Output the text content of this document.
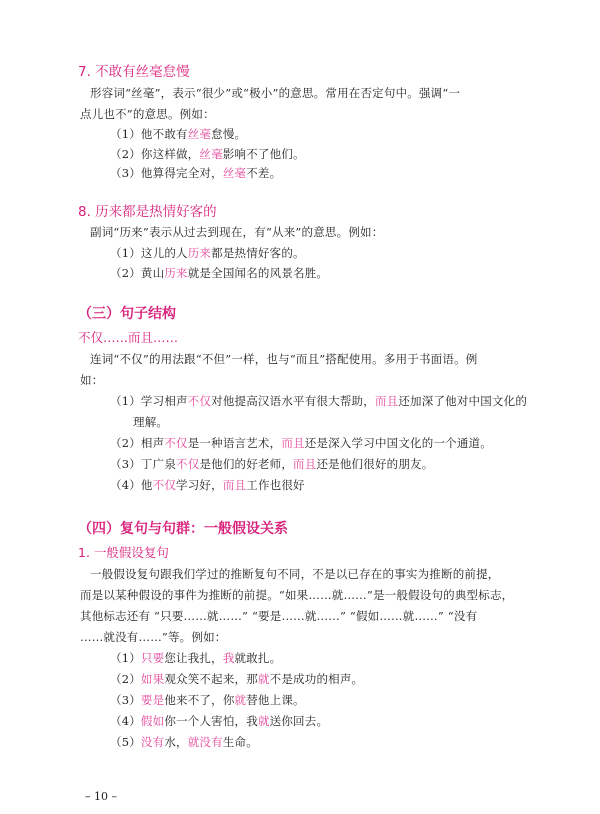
7. 不敢有丝毫怠慢
形容词“丝毫”，表示“很少”或“极小”的意思。常用在否定句中。强调“一
点儿也不”的意思。例如：
（1）他不敢有丝毫怠慢。
（2）你这样做，丝毫影响不了他们。
（3）他算得完全对，丝毫不差。
8. 历来都是热情好客的
副词“历来”表示从过去到现在，有“从来”的意思。例如：
（1）这儿的人历来都是热情好客的。
（2）黄山历来就是全国闻名的风景名胜。
（三）句子结构
不仅……而且……
连词“不仅”的用法跟“不但”一样，也与“而且”搭配使用。多用于书面语。例
如：
（1）学习相声不仅对他提高汉语水平有很大帮助，而且还加深了他对中国文化的
理解。
（2）相声不仅是一种语言艺术，而且还是深入学习中国文化的一个通道。
（3）丁广泉不仅是他们的好老师，而且还是他们很好的朋友。
（4）他不仅学习好，而且工作也很好
（四）复句与句群：一般假设关系
1. 一般假设复句
一般假设复句跟我们学过的推断复句不同，不是以已存在的事实为推断的前提，
而是以某种假设的事件为推断的前提。“如果……就……”是一般假设句的典型标志，
其他标志还有 “只要……就……” “要是……就……” “假如……就……” “没有
……就没有……”等。例如：
（1）只要您让我扎，我就敢扎。
（2）如果观众笑不起来，那就不是成功的相声。
（3）要是他来不了，你就替他上课。
（4）假如你一个人害怕，我就送你回去。
（5）没有水，就没有生命。
– 10 –
